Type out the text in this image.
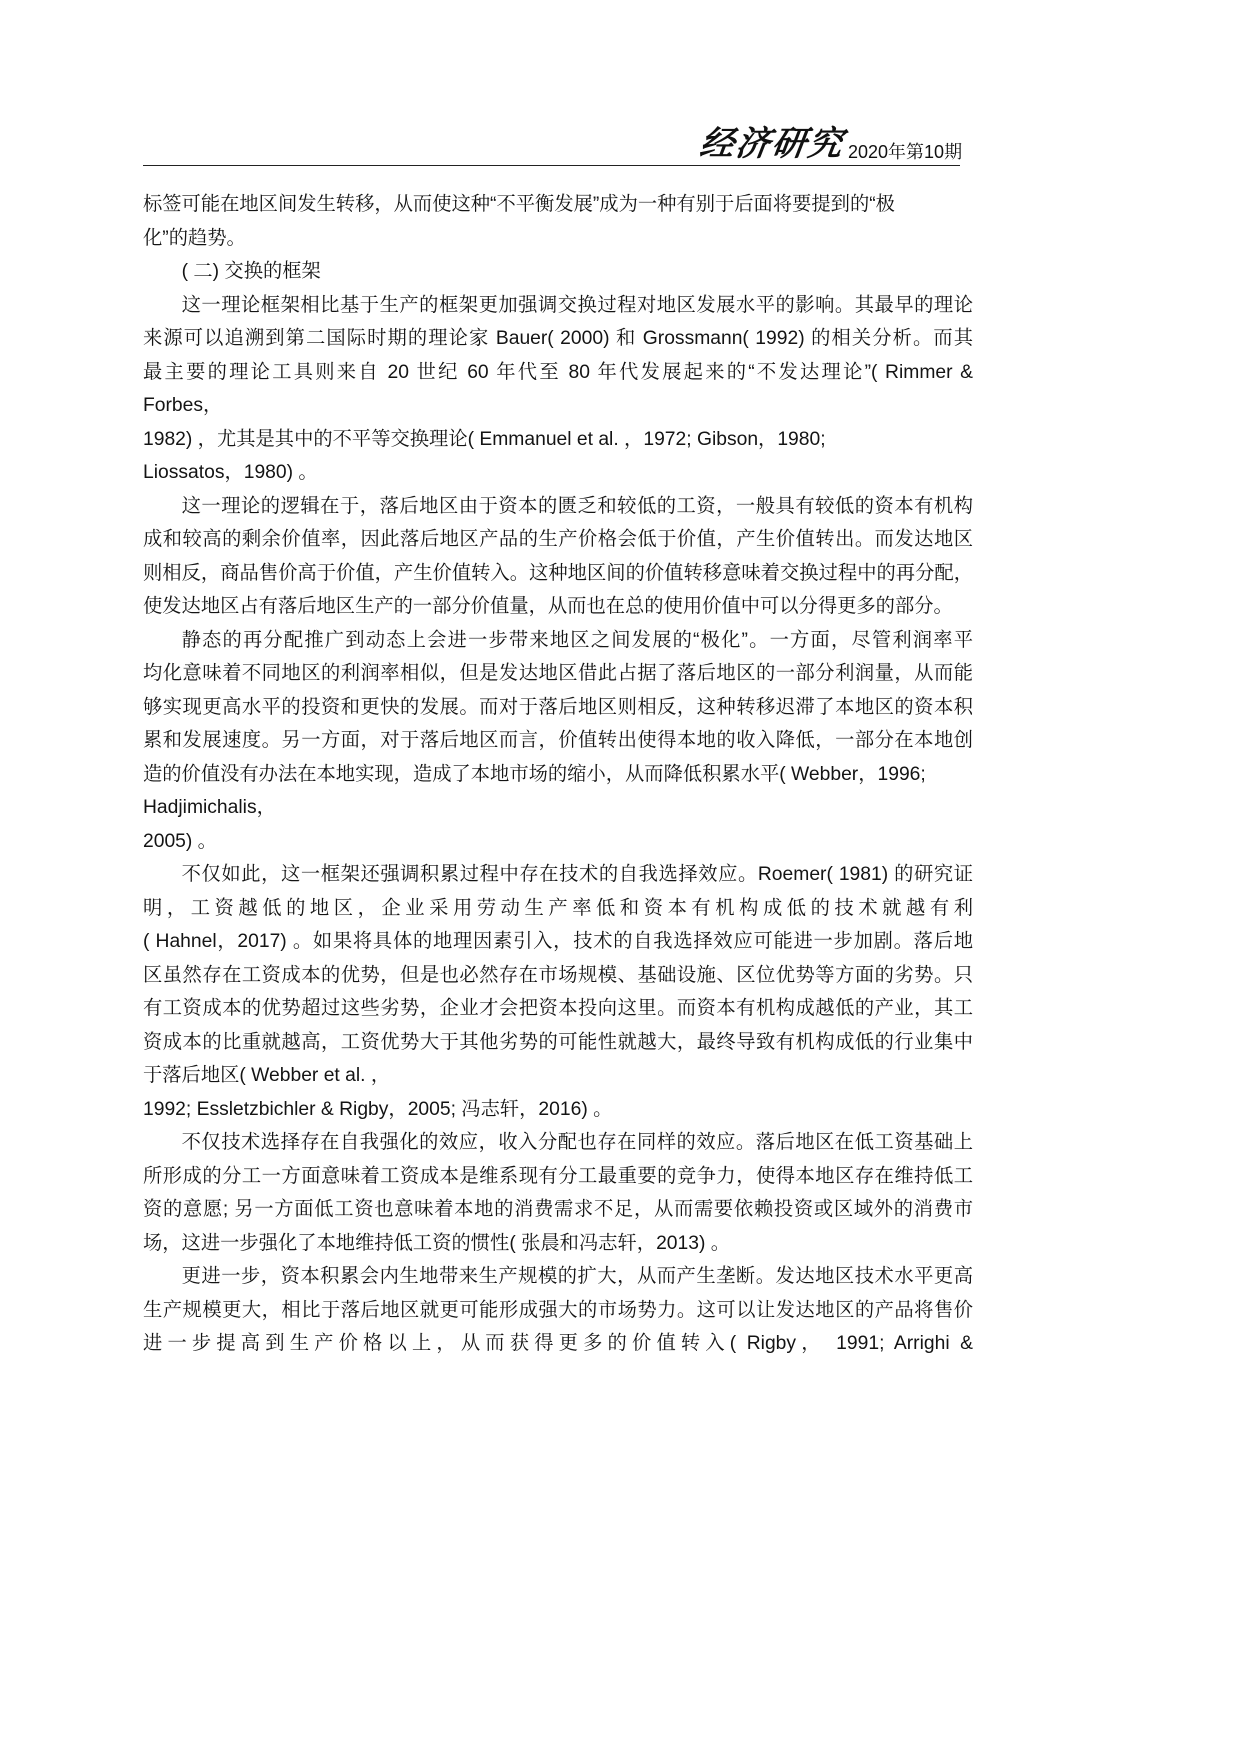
经济研究 2020年第10期
标签可能在地区间发生转移，从而使这种“不平衡发展”成为一种有别于后面将要提到的“极
化”的趋势。
( 二) 交换的框架
这一理论框架相比基于生产的框架更加强调交换过程对地区发展水平的影响。其最早的理论
来源可以追溯到第二国际时期的理论家 Bauer( 2000) 和 Grossmann( 1992) 的相关分析。而其
最主要的理论工具则来自 20 世纪 60 年代至 80 年代发展起来的“不发达理论”( Rimmer &
Forbes，
1982) ，尤其是其中的不平等交换理论( Emmanuel et al. ，1972; Gibson，1980;
Liossatos，1980) 。
这一理论的逻辑在于，落后地区由于资本的匮乏和较低的工资，一般具有较低的资本有机构
成和较高的剩余价值率，因此落后地区产品的生产价格会低于价值，产生价值转出。而发达地区
则相反，商品售价高于价值，产生价值转入。这种地区间的价值转移意味着交换过程中的再分配，
使发达地区占有落后地区生产的一部分价值量，从而也在总的使用价值中可以分得更多的部分。
静态的再分配推广到动态上会进一步带来地区之间发展的“极化”。一方面，尽管利润率平
均化意味着不同地区的利润率相似，但是发达地区借此占据了落后地区的一部分利润量，从而能
够实现更高水平的投资和更快的发展。而对于落后地区则相反，这种转移迟滞了本地区的资本积
累和发展速度。另一方面，对于落后地区而言，价值转出使得本地的收入降低，一部分在本地创
造的价值没有办法在本地实现，造成了本地市场的缩小，从而降低积累水平( Webber，1996;
Hadjimichalis，
2005) 。
不仅如此，这一框架还强调积累过程中存在技术的自我选择效应。Roemer( 1981) 的研究证
明，工资越低的地区，企业采用劳动生产率低和资本有机构成低的技术就越有利
( Hahnel，2017) 。如果将具体的地理因素引入，技术的自我选择效应可能进一步加剧。落后地
区虽然存在工资成本的优势，但是也必然存在市场规模、基础设施、区位优势等方面的劣势。只
有工资成本的优势超过这些劣势，企业才会把资本投向这里。而资本有机构成越低的产业，其工
资成本的比重就越高，工资优势大于其他劣势的可能性就越大，最终导致有机构成低的行业集中
于落后地区( Webber et al. ，
1992; Essletzbichler & Rigby，2005; 冯志轩，2016) 。
不仅技术选择存在自我强化的效应，收入分配也存在同样的效应。落后地区在低工资基础上
所形成的分工一方面意味着工资成本是维系现有分工最重要的竞争力，使得本地区存在维持低工
资的意愿; 另一方面低工资也意味着本地的消费需求不足，从而需要依赖投资或区域外的消费市
场，这进一步强化了本地维持低工资的惯性( 张晨和冯志轩，2013) 。
更进一步，资本积累会内生地带来生产规模的扩大，从而产生垄断。发达地区技术水平更高
生产规模更大，相比于落后地区就更可能形成强大的市场势力。这可以让发达地区的产品将售价
进一步提高到生产价格以上，从而获得更多的价值转入( Rigby， 1991; Arrighi &
